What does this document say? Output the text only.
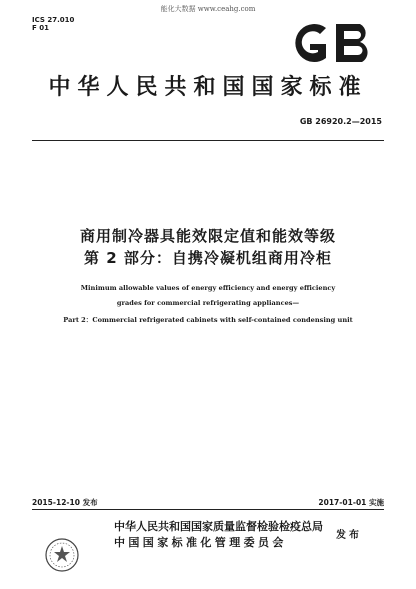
能化大数据 www.ceahg.com
ICS 27.010
F 01
中华人民共和国国家标准
GB 26920.2—2015
商用制冷器具能效限定值和能效等级
第 2 部分：自携冷凝机组商用冷柜
Minimum allowable values of energy efficiency and energy efficiency
grades for commercial refrigerating appliances—
Part 2：Commercial refrigerated cabinets with self-contained condensing unit
2015-12-10 发布	2017-01-01 实施
中华人民共和国国家质量监督检验检疫总局
中国国家标准化管理委员会
发布
